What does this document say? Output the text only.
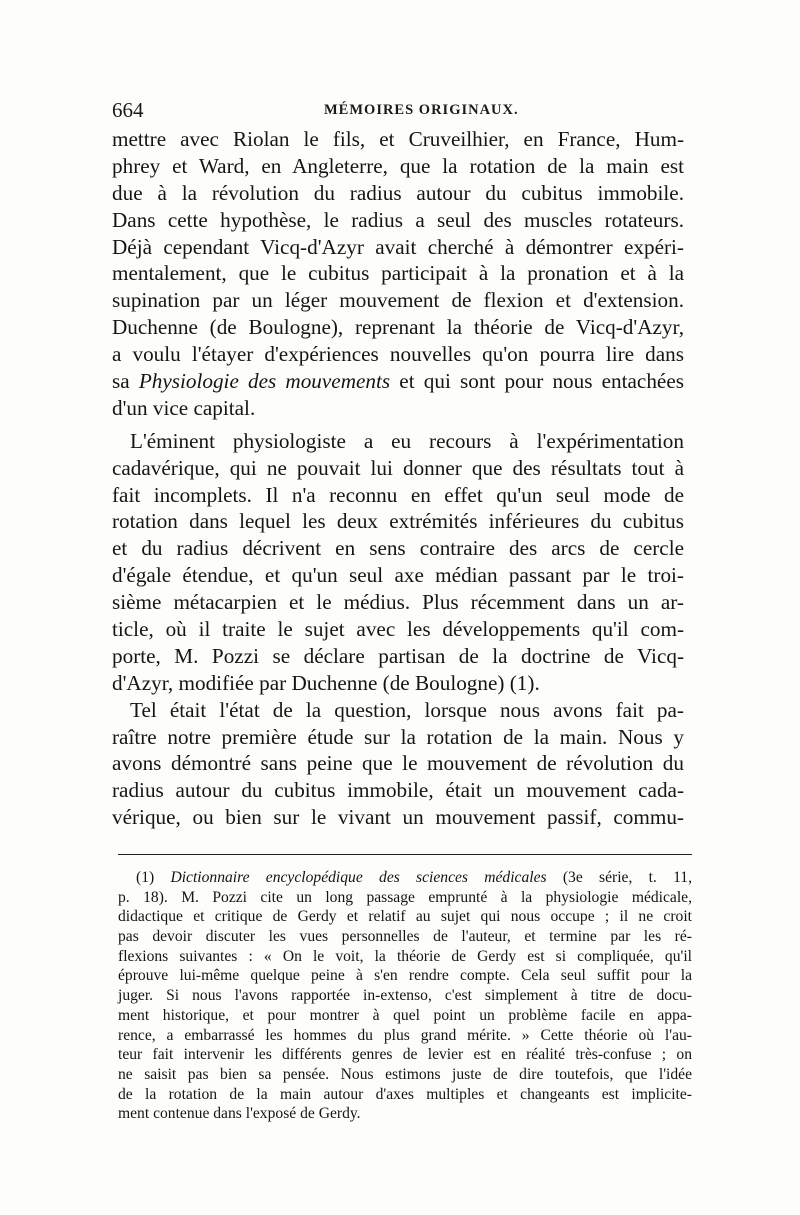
664	MÉMOIRES ORIGINAUX.
mettre avec Riolan le fils, et Cruveilhier, en France, Hum-
phrey et Ward, en Angleterre, que la rotation de la main est
due à la révolution du radius autour du cubitus immobile.
Dans cette hypothèse, le radius a seul des muscles rotateurs.
Déjà cependant Vicq-d'Azyr avait cherché à démontrer expéri-
mentalement, que le cubitus participait à la pronation et à la
supination par un léger mouvement de flexion et d'extension.
Duchenne (de Boulogne), reprenant la théorie de Vicq-d'Azyr,
a voulu l'étayer d'expériences nouvelles qu'on pourra lire dans
sa Physiologie des mouvements et qui sont pour nous entachées
d'un vice capital.
L'éminent physiologiste a eu recours à l'expérimentation
cadavérique, qui ne pouvait lui donner que des résultats tout à
fait incomplets. Il n'a reconnu en effet qu'un seul mode de
rotation dans lequel les deux extrémités inférieures du cubitus
et du radius décrivent en sens contraire des arcs de cercle
d'égale étendue, et qu'un seul axe médian passant par le troi-
sième métacarpien et le médius. Plus récemment dans un ar-
ticle, où il traite le sujet avec les développements qu'il com-
porte, M. Pozzi se déclare partisan de la doctrine de Vicq-
d'Azyr, modifiée par Duchenne (de Boulogne) (1).
Tel était l'état de la question, lorsque nous avons fait pa-
raître notre première étude sur la rotation de la main. Nous y
avons démontré sans peine que le mouvement de révolution du
radius autour du cubitus immobile, était un mouvement cada-
vérique, ou bien sur le vivant un mouvement passif, commu-
(1) Dictionnaire encyclopédique des sciences médicales (3e série, t. 11,
p. 18). M. Pozzi cite un long passage emprunté à la physiologie médicale,
didactique et critique de Gerdy et relatif au sujet qui nous occupe ; il ne croit
pas devoir discuter les vues personnelles de l'auteur, et termine par les ré-
flexions suivantes : « On le voit, la théorie de Gerdy est si compliquée, qu'il
éprouve lui-même quelque peine à s'en rendre compte. Cela seul suffit pour la
juger. Si nous l'avons rapportée in-extenso, c'est simplement à titre de docu-
ment historique, et pour montrer à quel point un problème facile en appa-
rence, a embarrassé les hommes du plus grand mérite. » Cette théorie où l'au-
teur fait intervenir les différents genres de levier est en réalité très-confuse ; on
ne saisit pas bien sa pensée. Nous estimons juste de dire toutefois, que l'idée
de la rotation de la main autour d'axes multiples et changeants est implicite-
ment contenue dans l'exposé de Gerdy.
